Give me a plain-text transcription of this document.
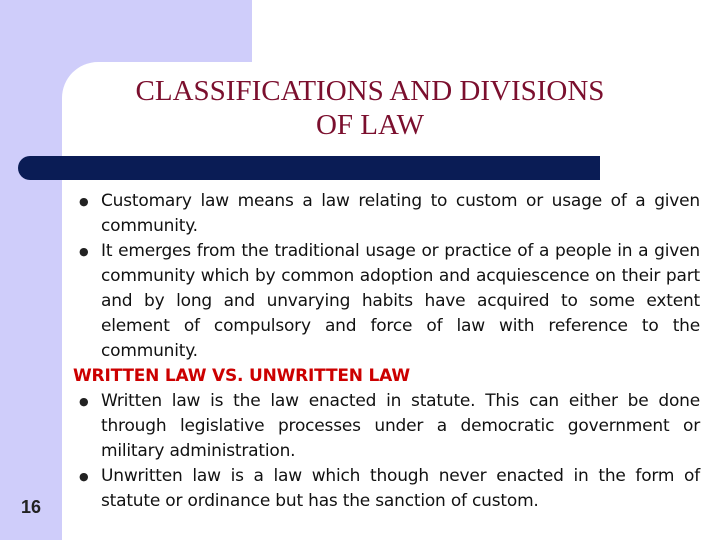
CLASSIFICATIONS AND DIVISIONS
OF LAW

● Customary law means a law relating to custom or usage of a given community.

● It emerges from the traditional usage or practice of a people in a given community which by common adoption and acquiescence on their part and by long and unvarying habits have acquired to some extent element of compulsory and force of law with reference to the community.

WRITTEN LAW VS. UNWRITTEN LAW

● Written law is the law enacted in statute. This can either be done through legislative processes under a democratic government or military administration.

● Unwritten law is a law which though never enacted in the form of statute or ordinance but has the sanction of custom.

16
